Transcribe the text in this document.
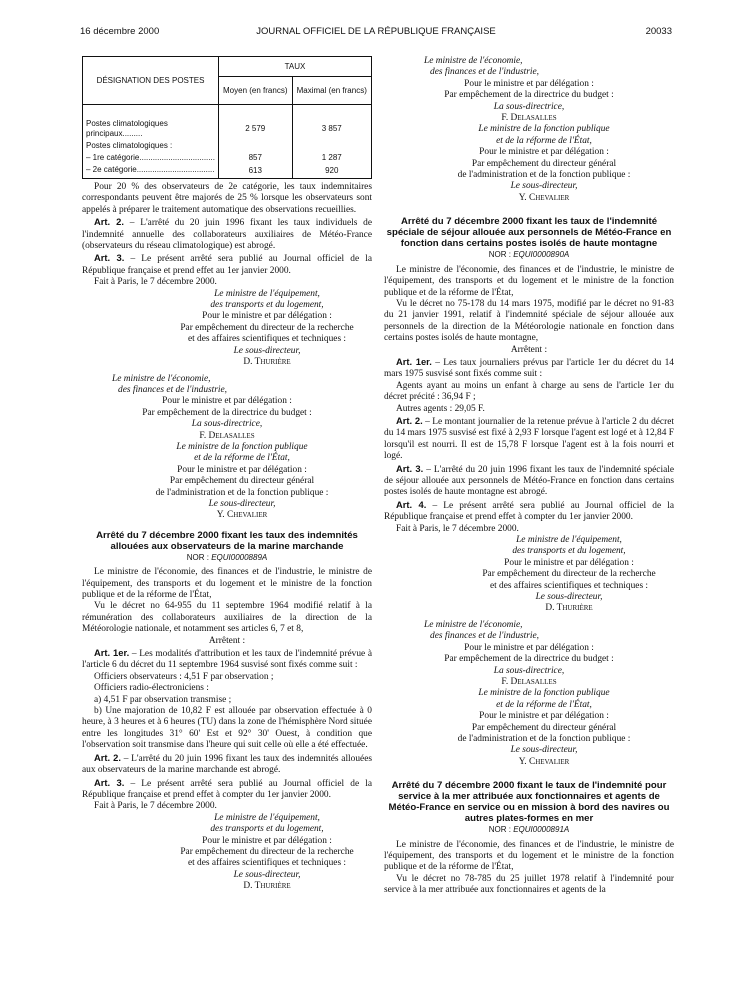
16 décembre 2000	JOURNAL OFFICIEL DE LA RÉPUBLIQUE FRANÇAISE	20033
DÉSIGNATION DES POSTES	TAUX	
	Moyen (en francs)	Maximal (en francs)
Postes climatologiques principaux.........	2 579	3 857
Postes climatologiques :		
– 1re catégorie..................................	857	1 287
– 2e catégorie...................................	613	920

Pour 20 % des observateurs de 2e catégorie, les taux indemnitaires correspondants peuvent être majorés de 25 % lorsque les observateurs sont appelés à préparer le traitement automatique des observations recueillies.

Art. 2. – L'arrêté du 20 juin 1996 fixant les taux individuels de l'indemnité annuelle des collaborateurs auxiliaires de Météo-France (observateurs du réseau climatologique) est abrogé.

Art. 3. – Le présent arrêté sera publié au Journal officiel de la République française et prend effet au 1er janvier 2000.

Fait à Paris, le 7 décembre 2000.

Le ministre de l'équipement,
des transports et du logement,
Pour le ministre et par délégation :
Par empêchement du directeur de la recherche
et des affaires scientifiques et techniques :
Le sous-directeur,
D. Thurière
Le ministre de l'économie,
des finances et de l'industrie,
Pour le ministre et par délégation :
Par empêchement de la directrice du budget :
La sous-directrice,
F. Delasalles
Le ministre de la fonction publique
et de la réforme de l'État,
Pour le ministre et par délégation :
Par empêchement du directeur général
de l'administration et de la fonction publique :
Le sous-directeur,
Y. Chevalier
Arrêté du 7 décembre 2000 fixant les taux des indemnités allouées aux observateurs de la marine marchande
NOR : EQUI0000889A

Le ministre de l'économie, des finances et de l'industrie, le ministre de l'équipement, des transports et du logement et le ministre de la fonction publique et de la réforme de l'État,

Vu le décret no 64-955 du 11 septembre 1964 modifié relatif à la rémunération des collaborateurs auxiliaires de la direction de la Météorologie nationale, et notamment ses articles 6, 7 et 8,

Arrêtent :

Art. 1er. – Les modalités d'attribution et les taux de l'indemnité prévue à l'article 6 du décret du 11 septembre 1964 susvisé sont fixés comme suit :

Officiers observateurs : 4,51 F par observation ;

Officiers radio-électroniciens :

a) 4,51 F par observation transmise ;

b) Une majoration de 10,82 F est allouée par observation effectuée à 0 heure, à 3 heures et à 6 heures (TU) dans la zone de l'hémisphère Nord située entre les longitudes 31° 60' Est et 92° 30' Ouest, à condition que l'observation soit transmise dans l'heure qui suit celle où elle a été effectuée.

Art. 2. – L'arrêté du 20 juin 1996 fixant les taux des indemnités allouées aux observateurs de la marine marchande est abrogé.

Art. 3. – Le présent arrêté sera publié au Journal officiel de la République française et prend effet à compter du 1er janvier 2000.

Fait à Paris, le 7 décembre 2000.

Le ministre de l'équipement,
des transports et du logement,
Pour le ministre et par délégation :
Par empêchement du directeur de la recherche
et des affaires scientifiques et techniques :
Le sous-directeur,
D. Thurière
Le ministre de l'économie,
des finances et de l'industrie,
Pour le ministre et par délégation :
Par empêchement de la directrice du budget :
La sous-directrice,
F. Delasalles
Le ministre de la fonction publique
et de la réforme de l'État,
Pour le ministre et par délégation :
Par empêchement du directeur général
de l'administration et de la fonction publique :
Le sous-directeur,
Y. Chevalier
Arrêté du 7 décembre 2000 fixant les taux de l'indemnité spéciale de séjour allouée aux personnels de Météo-France en fonction dans certains postes isolés de haute montagne
NOR : EQUI0000890A

Le ministre de l'économie, des finances et de l'industrie, le ministre de l'équipement, des transports et du logement et le ministre de la fonction publique et de la réforme de l'État,

Vu le décret no 75-178 du 14 mars 1975, modifié par le décret no 91-83 du 21 janvier 1991, relatif à l'indemnité spéciale de séjour allouée aux personnels de la direction de la Météorologie nationale en fonction dans certains postes isolés de haute montagne,

Arrêtent :

Art. 1er. – Les taux journaliers prévus par l'article 1er du décret du 14 mars 1975 susvisé sont fixés comme suit :

Agents ayant au moins un enfant à charge au sens de l'article 1er du décret précité : 36,94 F ;

Autres agents : 29,05 F.

Art. 2. – Le montant journalier de la retenue prévue à l'article 2 du décret du 14 mars 1975 susvisé est fixé à 2,93 F lorsque l'agent est logé et à 12,84 F lorsqu'il est nourri. Il est de 15,78 F lorsque l'agent est à la fois nourri et logé.

Art. 3. – L'arrêté du 20 juin 1996 fixant les taux de l'indemnité spéciale de séjour allouée aux personnels de Météo-France en fonction dans certains postes isolés de haute montagne est abrogé.

Art. 4. – Le présent arrêté sera publié au Journal officiel de la République française et prend effet à compter du 1er janvier 2000.

Fait à Paris, le 7 décembre 2000.

Le ministre de l'équipement,
des transports et du logement,
Pour le ministre et par délégation :
Par empêchement du directeur de la recherche
et des affaires scientifiques et techniques :
Le sous-directeur,
D. Thurière
Le ministre de l'économie,
des finances et de l'industrie,
Pour le ministre et par délégation :
Par empêchement de la directrice du budget :
La sous-directrice,
F. Delasalles
Le ministre de la fonction publique
et de la réforme de l'État,
Pour le ministre et par délégation :
Par empêchement du directeur général
de l'administration et de la fonction publique :
Le sous-directeur,
Y. Chevalier
Arrêté du 7 décembre 2000 fixant le taux de l'indemnité pour service à la mer attribuée aux fonctionnaires et agents de Météo-France en service ou en mission à bord des navires ou autres plates-formes en mer
NOR : EQUI0000891A

Le ministre de l'économie, des finances et de l'industrie, le ministre de l'équipement, des transports et du logement et le ministre de la fonction publique et de la réforme de l'État,

Vu le décret no 78-785 du 25 juillet 1978 relatif à l'indemnité pour service à la mer attribuée aux fonctionnaires et agents de la
